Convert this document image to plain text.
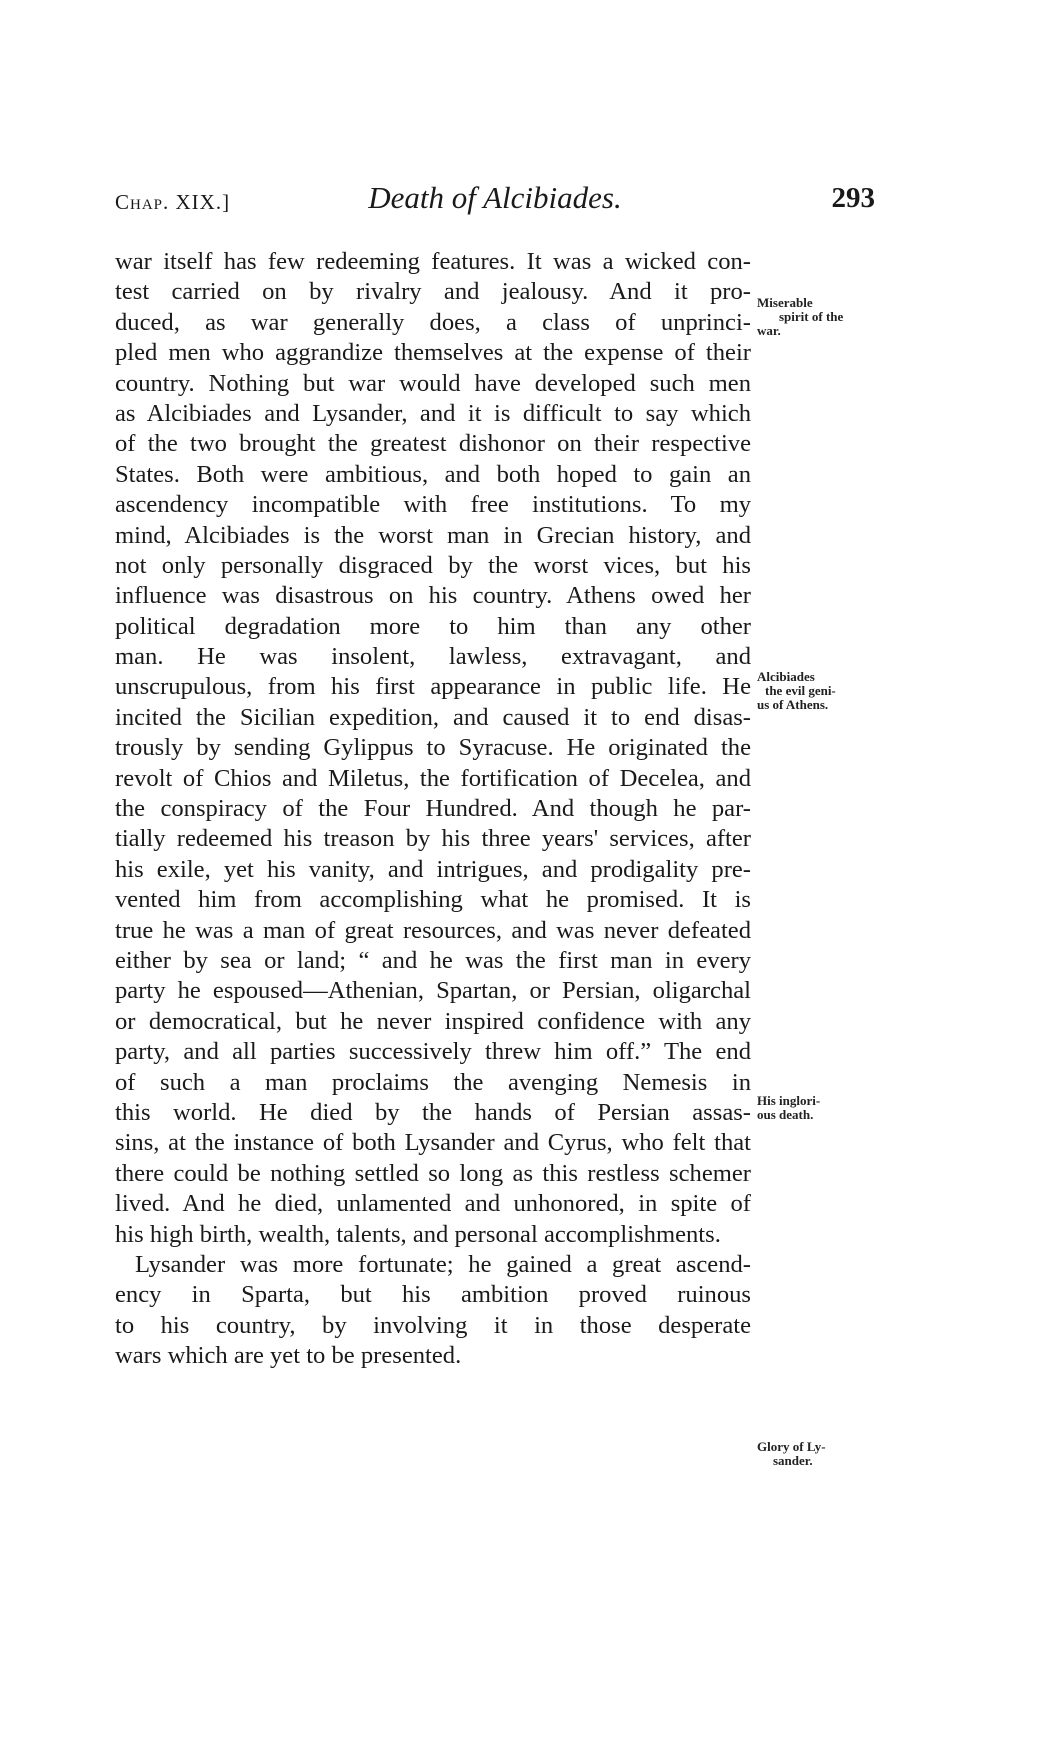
Chap. XIX.]	Death of Alcibiades.	293
war itself has few redeeming features. It was a wicked con-
test carried on by rivalry and jealousy. And it pro-
duced, as war generally does, a class of unprinci-
pled men who aggrandize themselves at the expense of their
country. Nothing but war would have developed such men
as Alcibiades and Lysander, and it is difficult to say which
of the two brought the greatest dishonor on their respective
States. Both were ambitious, and both hoped to gain an
ascendency incompatible with free institutions. To my
mind, Alcibiades is the worst man in Grecian history, and
not only personally disgraced by the worst vices, but his
influence was disastrous on his country. Athens owed her
political degradation more to him than any other
man. He was insolent, lawless, extravagant, and
unscrupulous, from his first appearance in public life. He
incited the Sicilian expedition, and caused it to end disas-
trously by sending Gylippus to Syracuse. He originated the
revolt of Chios and Miletus, the fortification of Decelea, and
the conspiracy of the Four Hundred. And though he par-
tially redeemed his treason by his three years' services, after
his exile, yet his vanity, and intrigues, and prodigality pre-
vented him from accomplishing what he promised. It is
true he was a man of great resources, and was never defeated
either by sea or land; “ and he was the first man in every
party he espoused—Athenian, Spartan, or Persian, oligarchal
or democratical, but he never inspired confidence with any
party, and all parties successively threw him off.” The end
of such a man proclaims the avenging Nemesis in
this world. He died by the hands of Persian assas-
sins, at the instance of both Lysander and Cyrus, who felt that
there could be nothing settled so long as this restless schemer
lived. And he died, unlamented and unhonored, in spite of
his high birth, wealth, talents, and personal accomplishments.
Lysander was more fortunate; he gained a great ascend-
ency in Sparta, but his ambition proved ruinous
to his country, by involving it in those desperate
wars which are yet to be presented.
Miserable
spirit of the
war.
Alcibiades
the evil geni-
us of Athens.
His inglori-
ous death.
Glory of Ly-
sander.
